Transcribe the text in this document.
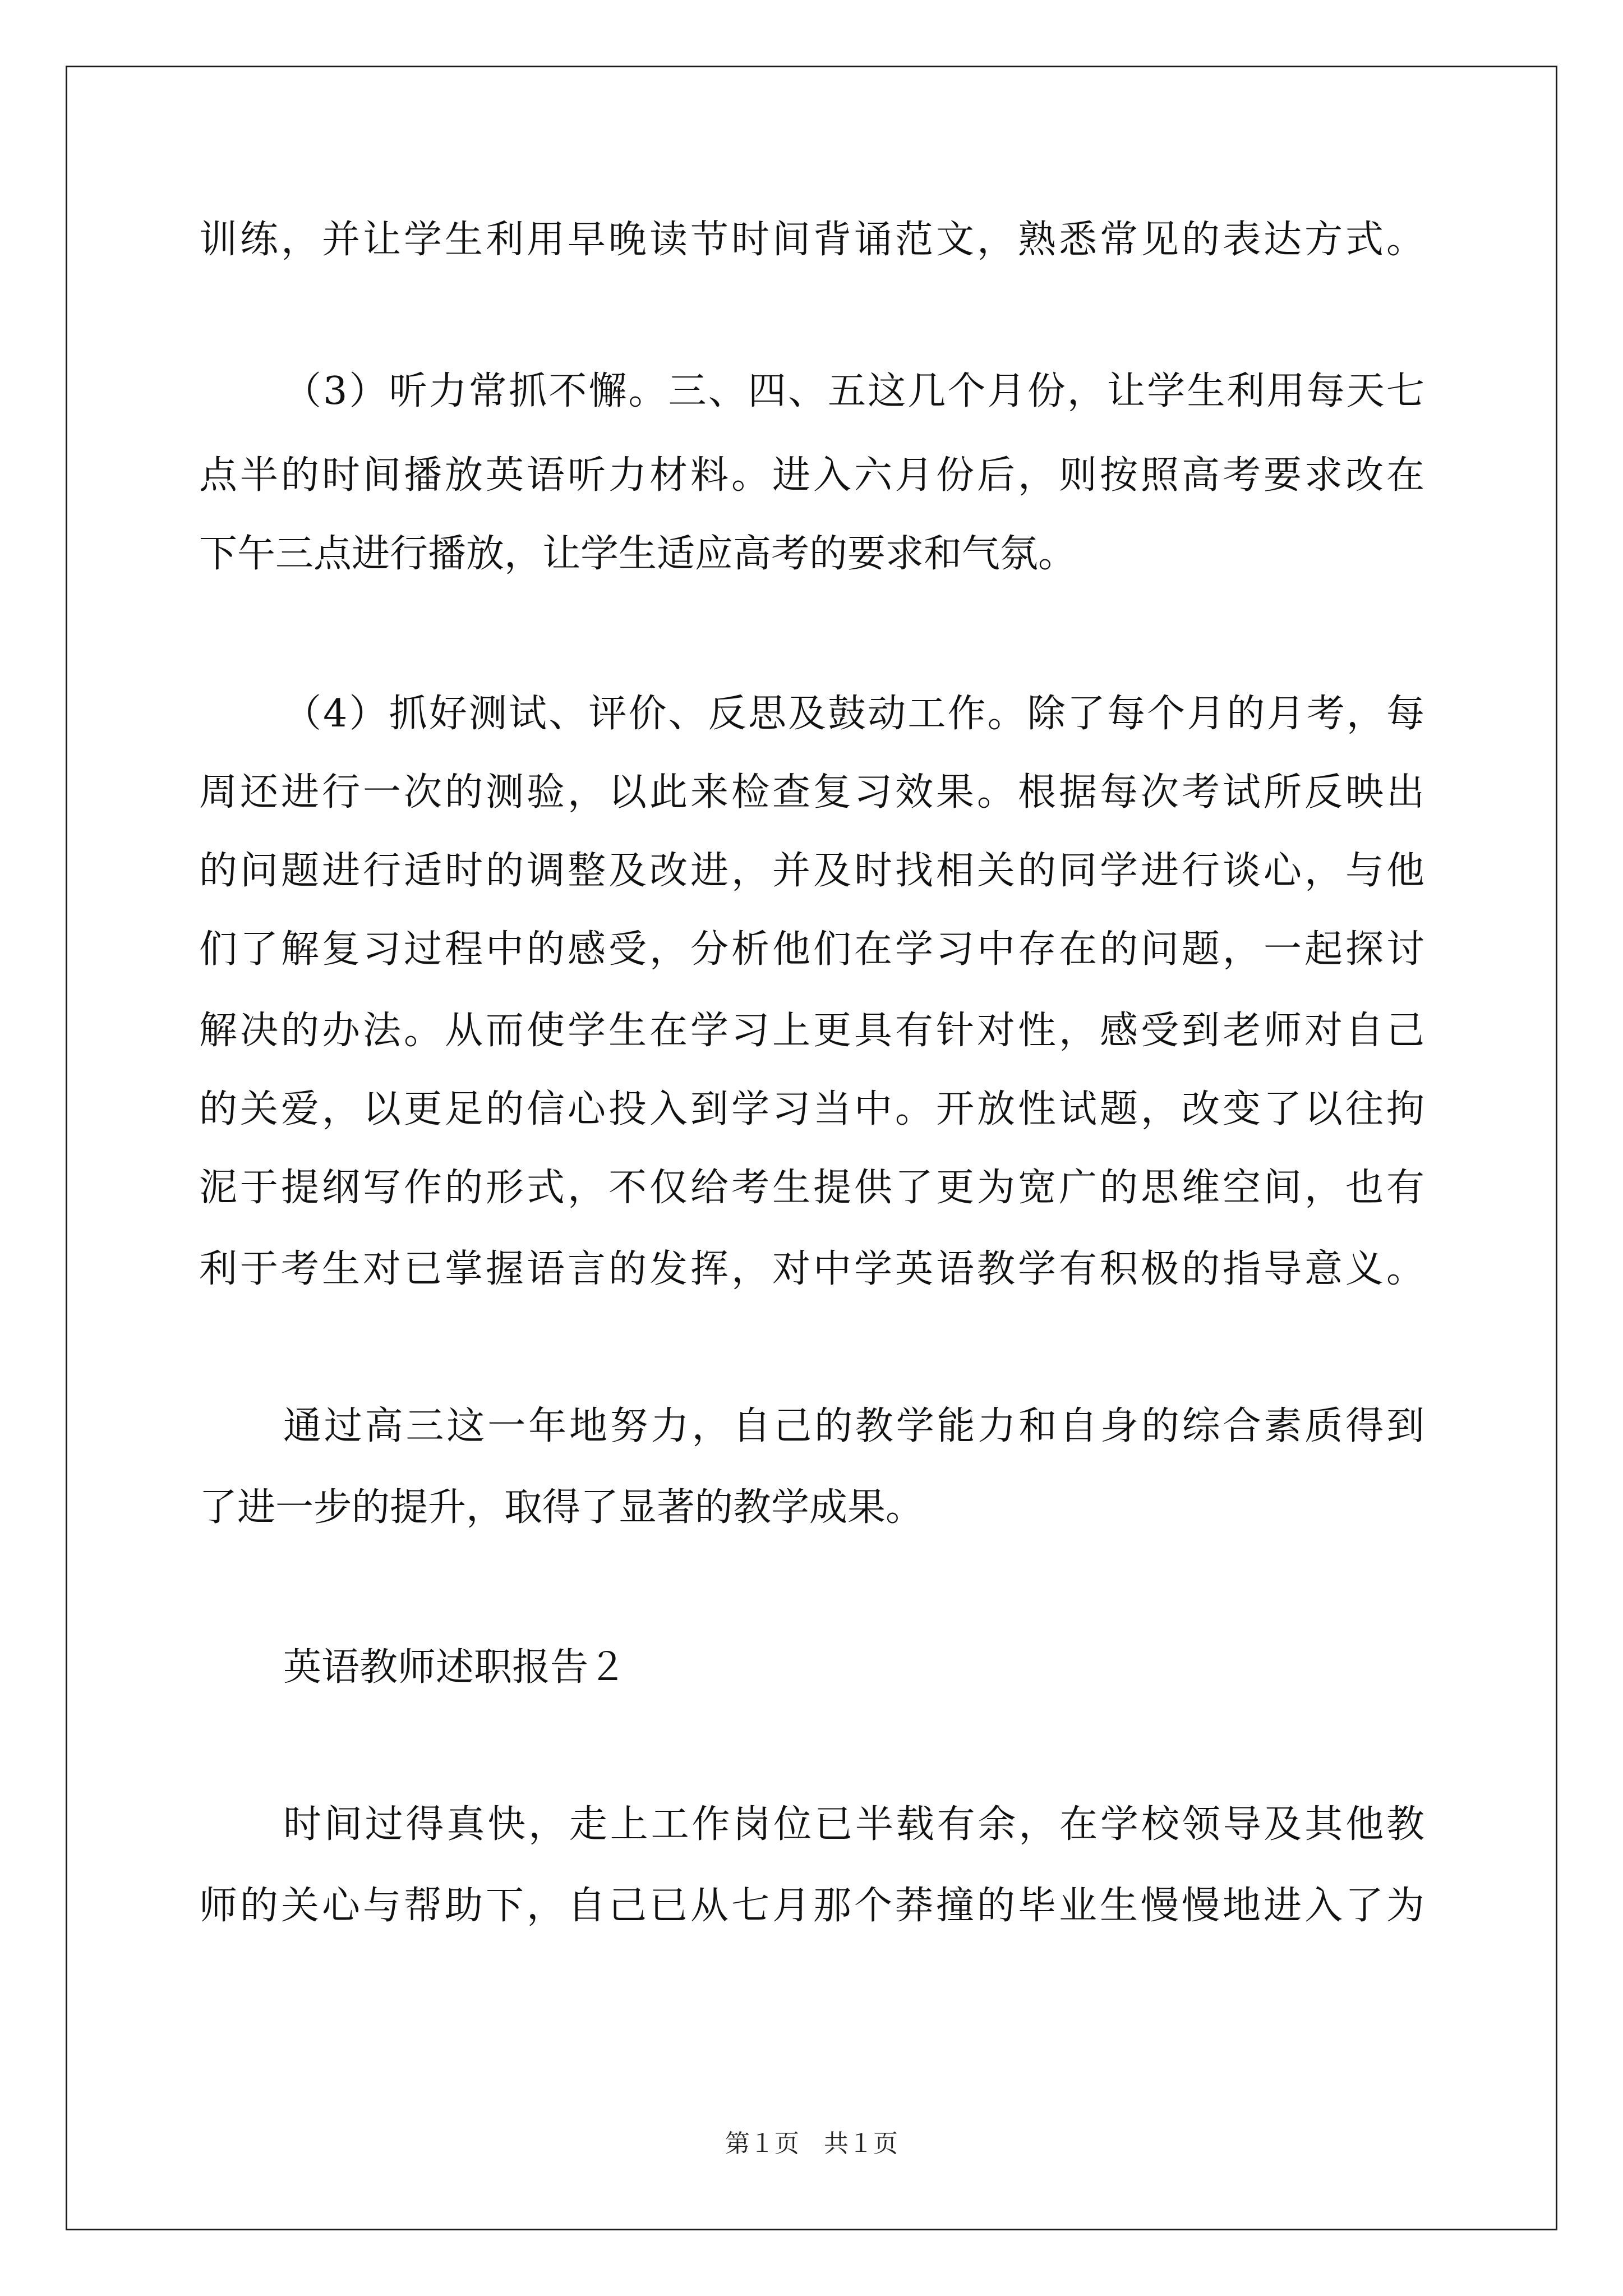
训练，并让学生利用早晚读节时间背诵范文，熟悉常见的表达方式。
（3）听力常抓不懈。三、四、五这几个月份，让学生利用每天七
点半的时间播放英语听力材料。进入六月份后，则按照高考要求改在
下午三点进行播放，让学生适应高考的要求和气氛。
（4）抓好测试、评价、反思及鼓动工作。除了每个月的月考，每
周还进行一次的测验，以此来检查复习效果。根据每次考试所反映出
的问题进行适时的调整及改进，并及时找相关的同学进行谈心，与他
们了解复习过程中的感受，分析他们在学习中存在的问题，一起探讨
解决的办法。从而使学生在学习上更具有针对性，感受到老师对自己
的关爱，以更足的信心投入到学习当中。开放性试题，改变了以往拘
泥于提纲写作的形式，不仅给考生提供了更为宽广的思维空间，也有
利于考生对已掌握语言的发挥，对中学英语教学有积极的指导意义。
通过高三这一年地努力，自己的教学能力和自身的综合素质得到
了进一步的提升，取得了显著的教学成果。
英语教师述职报告２
时间过得真快，走上工作岗位已半载有余，在学校领导及其他教
师的关心与帮助下，自己已从七月那个莽撞的毕业生慢慢地进入了为
第１页　共１页
